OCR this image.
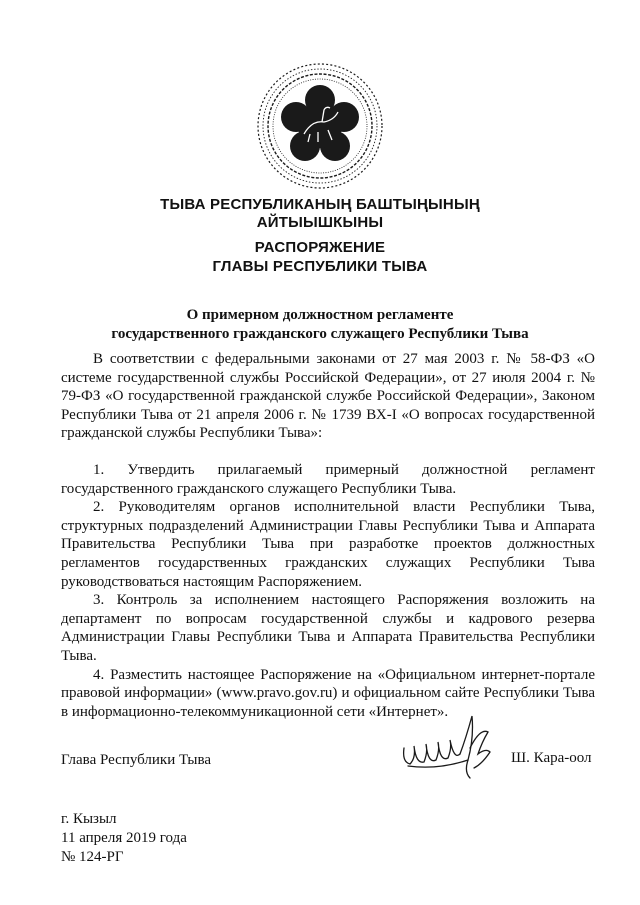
ТЫВА РЕСПУБЛИКАНЫҢ БАШТЫҢЫНЫҢ
АЙТЫЫШКЫНЫ
РАСПОРЯЖЕНИЕ
ГЛАВЫ РЕСПУБЛИКИ ТЫВА
О примерном должностном регламенте
государственного гражданского служащего Республики Тыва

В соответствии с федеральными законами от 27 мая 2003 г. № 58-ФЗ «О системе государственной службы Российской Федерации», от 27 июля 2004 г. № 79-ФЗ «О государственной гражданской службе Российской Федерации», Законом Республики Тыва от 21 апреля 2006 г. № 1739 ВХ-I «О вопросах государственной гражданской службы Республики Тыва»:

1. Утвердить прилагаемый примерный должностной регламент государственного гражданского служащего Республики Тыва.

2. Руководителям органов исполнительной власти Республики Тыва, структурных подразделений Администрации Главы Республики Тыва и Аппарата Правительства Республики Тыва при разработке проектов должностных регламентов государственных гражданских служащих Республики Тыва руководствоваться настоящим Распоряжением.

3. Контроль за исполнением настоящего Распоряжения возложить на департамент по вопросам государственной службы и кадрового резерва Администрации Главы Республики Тыва и Аппарата Правительства Республики Тыва.

4. Разместить настоящее Распоряжение на «Официальном интернет-портале правовой информации» (www.pravo.gov.ru) и официальном сайте Республики Тыва в информационно-телекоммуникационной сети «Интернет».

Глава Республики Тыва	Ш. Кара-оол
г. Кызыл
11 апреля 2019 года
№ 124-РГ
